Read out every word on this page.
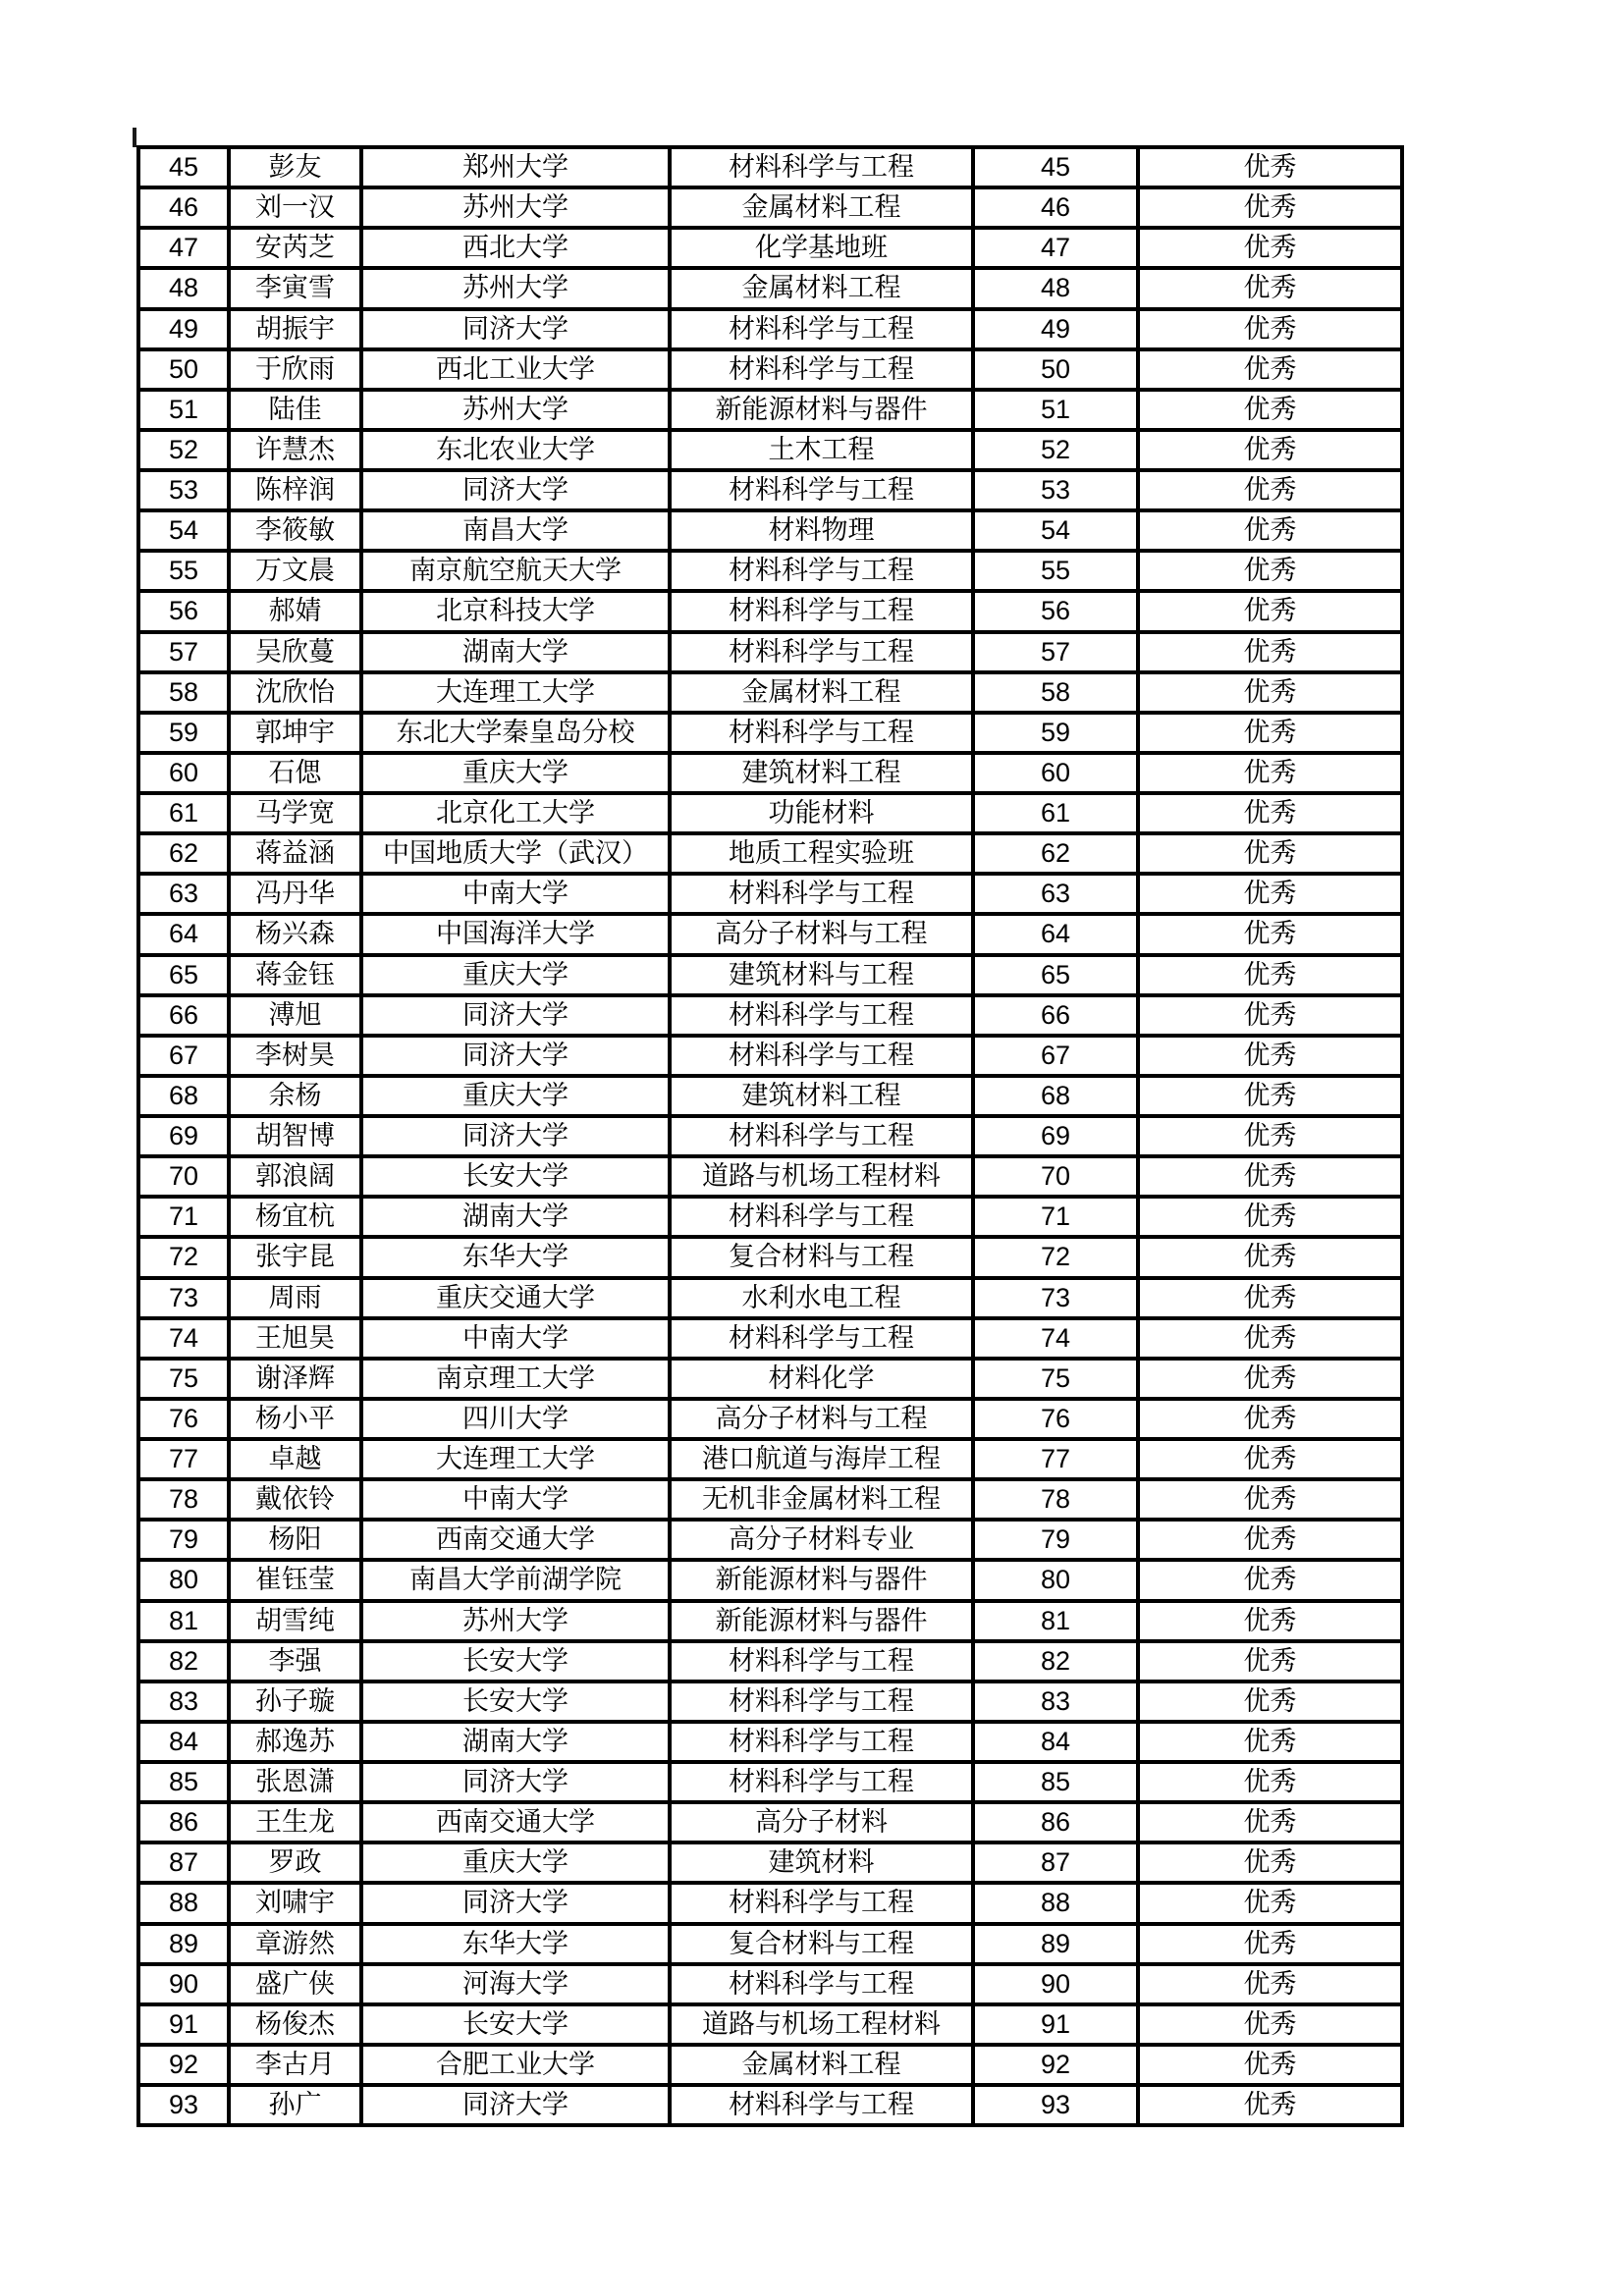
45	彭友	郑州大学	材料科学与工程	45	优秀
46	刘一汉	苏州大学	金属材料工程	46	优秀
47	安芮芝	西北大学	化学基地班	47	优秀
48	李寅雪	苏州大学	金属材料工程	48	优秀
49	胡振宇	同济大学	材料科学与工程	49	优秀
50	于欣雨	西北工业大学	材料科学与工程	50	优秀
51	陆佳	苏州大学	新能源材料与器件	51	优秀
52	许慧杰	东北农业大学	土木工程	52	优秀
53	陈梓润	同济大学	材料科学与工程	53	优秀
54	李筱敏	南昌大学	材料物理	54	优秀
55	万文晨	南京航空航天大学	材料科学与工程	55	优秀
56	郝婧	北京科技大学	材料科学与工程	56	优秀
57	吴欣蔓	湖南大学	材料科学与工程	57	优秀
58	沈欣怡	大连理工大学	金属材料工程	58	优秀
59	郭坤宇	东北大学秦皇岛分校	材料科学与工程	59	优秀
60	石偲	重庆大学	建筑材料工程	60	优秀
61	马学宽	北京化工大学	功能材料	61	优秀
62	蒋益涵	中国地质大学（武汉）	地质工程实验班	62	优秀
63	冯丹华	中南大学	材料科学与工程	63	优秀
64	杨兴森	中国海洋大学	高分子材料与工程	64	优秀
65	蒋金钰	重庆大学	建筑材料与工程	65	优秀
66	溥旭	同济大学	材料科学与工程	66	优秀
67	李树昊	同济大学	材料科学与工程	67	优秀
68	余杨	重庆大学	建筑材料工程	68	优秀
69	胡智博	同济大学	材料科学与工程	69	优秀
70	郭浪阔	长安大学	道路与机场工程材料	70	优秀
71	杨宜杭	湖南大学	材料科学与工程	71	优秀
72	张宇昆	东华大学	复合材料与工程	72	优秀
73	周雨	重庆交通大学	水利水电工程	73	优秀
74	王旭昊	中南大学	材料科学与工程	74	优秀
75	谢泽辉	南京理工大学	材料化学	75	优秀
76	杨小平	四川大学	高分子材料与工程	76	优秀
77	卓越	大连理工大学	港口航道与海岸工程	77	优秀
78	戴依铃	中南大学	无机非金属材料工程	78	优秀
79	杨阳	西南交通大学	高分子材料专业	79	优秀
80	崔钰莹	南昌大学前湖学院	新能源材料与器件	80	优秀
81	胡雪纯	苏州大学	新能源材料与器件	81	优秀
82	李强	长安大学	材料科学与工程	82	优秀
83	孙子璇	长安大学	材料科学与工程	83	优秀
84	郝逸苏	湖南大学	材料科学与工程	84	优秀
85	张恩潇	同济大学	材料科学与工程	85	优秀
86	王生龙	西南交通大学	高分子材料	86	优秀
87	罗政	重庆大学	建筑材料	87	优秀
88	刘啸宇	同济大学	材料科学与工程	88	优秀
89	章游然	东华大学	复合材料与工程	89	优秀
90	盛广侠	河海大学	材料科学与工程	90	优秀
91	杨俊杰	长安大学	道路与机场工程材料	91	优秀
92	李古月	合肥工业大学	金属材料工程	92	优秀
93	孙广	同济大学	材料科学与工程	93	优秀
